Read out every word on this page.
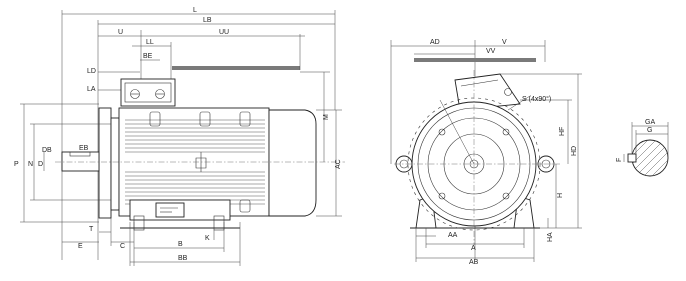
L
LB
U	UU
LL
BE
LD
LA
DB	EB
P N D
T
E	C	B
BB
K
AC
M
AD	V
VV
S (4x90°)
AA
A
AB
HF
HD
H
HA
GA
G
F
